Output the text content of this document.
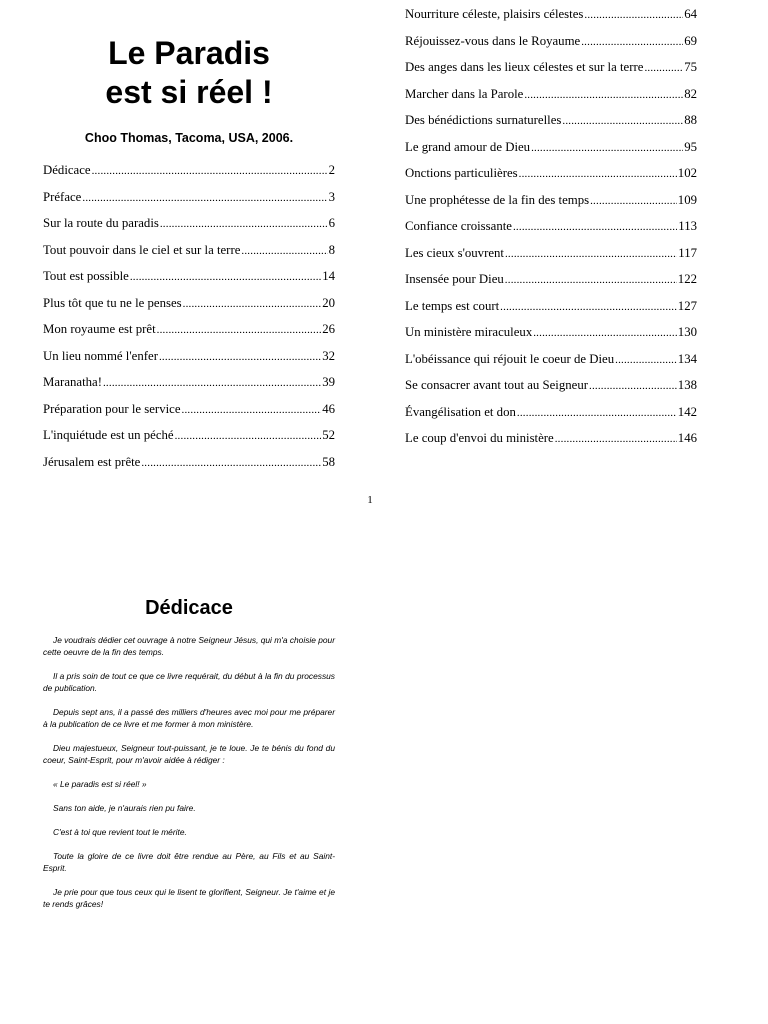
Le Paradis
est si réel !
Choo Thomas, Tacoma, USA, 2006.
Dédicace .....	2
Préface .....	3
Sur la route du paradis .....	6
Tout pouvoir dans le ciel et sur la terre .....	8
Tout est possible .....	14
Plus tôt que tu ne le penses .....	20
Mon royaume est prêt .....	26
Un lieu nommé l'enfer .....	32
Maranatha! .....	39
Préparation pour le service .....	46
L'inquiétude est un péché .....	52
Jérusalem est prête .....	58
Nourriture céleste, plaisirs célestes .....	64
Réjouissez-vous dans le Royaume .....	69
Des anges dans les lieux célestes et sur la terre .....	75
Marcher dans la Parole .....	82
Des bénédictions surnaturelles .....	88
Le grand amour de Dieu .....	95
Onctions particulières .....	102
Une prophétesse de la fin des temps .....	109
Confiance croissante .....	113
Les cieux s'ouvrent .....	117
Insensée pour Dieu .....	122
Le temps est court .....	127
Un ministère miraculeux .....	130
L'obéissance qui réjouit le coeur de Dieu .....	134
Se consacrer avant tout au Seigneur .....	138
Évangélisation et don .....	142
Le coup d'envoi du ministère .....	146
1
Dédicace

Je voudrais dédier cet ouvrage à notre Seigneur Jésus, qui m'a choisie pour cette oeuvre de la fin des temps.

Il a pris soin de tout ce que ce livre requérait, du début à la fin du processus de publication.

Depuis sept ans, il a passé des milliers d'heures avec moi pour me préparer à la publication de ce livre et me former à mon ministère.

Dieu majestueux, Seigneur tout-puissant, je te loue. Je te bénis du fond du coeur, Saint-Esprit, pour m'avoir aidée à rédiger :

« Le paradis est si réel! »

Sans ton aide, je n'aurais rien pu faire.

C'est à toi que revient tout le mérite.

Toute la gloire de ce livre doit être rendue au Père, au Fils et au Saint-Esprit.

Je prie pour que tous ceux qui le lisent te glorifient, Seigneur. Je t'aime et je te rends grâces!
